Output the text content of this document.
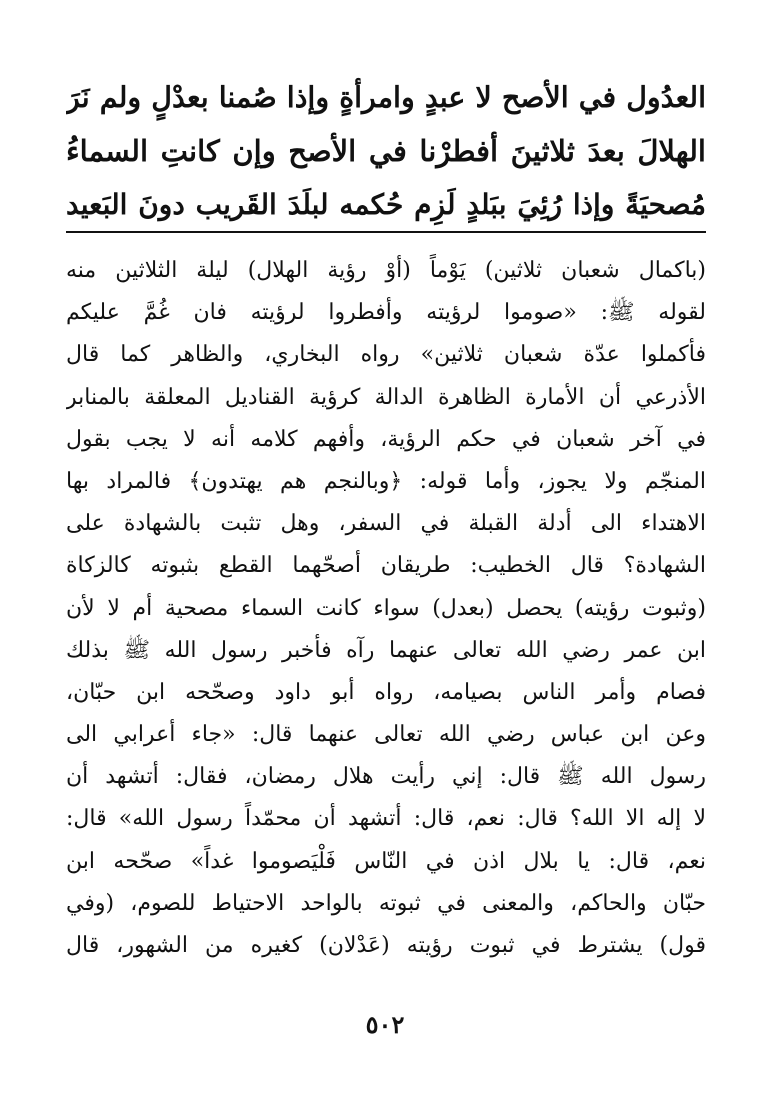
العدُول في الأصح لا عبدٍ وامرأةٍ وإذا صُمنا بعدْلٍ ولم نَرَ
الهلالَ بعدَ ثلاثينَ أفطرْنا في الأصح وإن كانتِ السماءُ
مُصحيَةً وإذا رُئِيَ ببَلدٍ لَزِم حُكمه لبلَدَ القَريب دونَ البَعيد
(باكمال شعبان ثلاثين) يَوْماً (أوْ رؤية الهلال) ليلة الثلاثين منه
لقوله ﷺ: «صوموا لرؤيته وأفطروا لرؤيته فان غُمَّ عليكم
فأكملوا عدّة شعبان ثلاثين» رواه البخاري، والظاهر كما قال
الأذرعي أن الأمارة الظاهرة الدالة كرؤية القناديل المعلقة بالمنابر
في آخر شعبان في حكم الرؤية، وأفهم كلامه أنه لا يجب بقول
المنجّم ولا يجوز، وأما قوله: ﴿وبالنجم هم يهتدون﴾ فالمراد بها
الاهتداء الى أدلة القبلة في السفر، وهل تثبت بالشهادة على
الشهادة؟ قال الخطيب: طريقان أصحّهما القطع بثبوته كالزكاة
(وثبوت رؤيته) يحصل (بعدل) سواء كانت السماء مصحية أم لا لأن
ابن عمر رضي الله تعالى عنهما رآه فأخبر رسول الله ﷺ بذلك
فصام وأمر الناس بصيامه، رواه أبو داود وصحّحه ابن حبّان،
وعن ابن عباس رضي الله تعالى عنهما قال: «جاء أعرابي الى
رسول الله ﷺ قال: إني رأيت هلال رمضان، فقال: أتشهد أن
لا إله الا الله؟ قال: نعم، قال: أتشهد أن محمّداً رسول الله» قال:
نعم، قال: يا بلال اذن في النّاس فَلْيَصوموا غداً» صحّحه ابن
حبّان والحاكم، والمعنى في ثبوته بالواحد الاحتياط للصوم، (وفي
قول) يشترط في ثبوت رؤيته (عَدْلان) كغيره من الشهور، قال
٥٠٢
